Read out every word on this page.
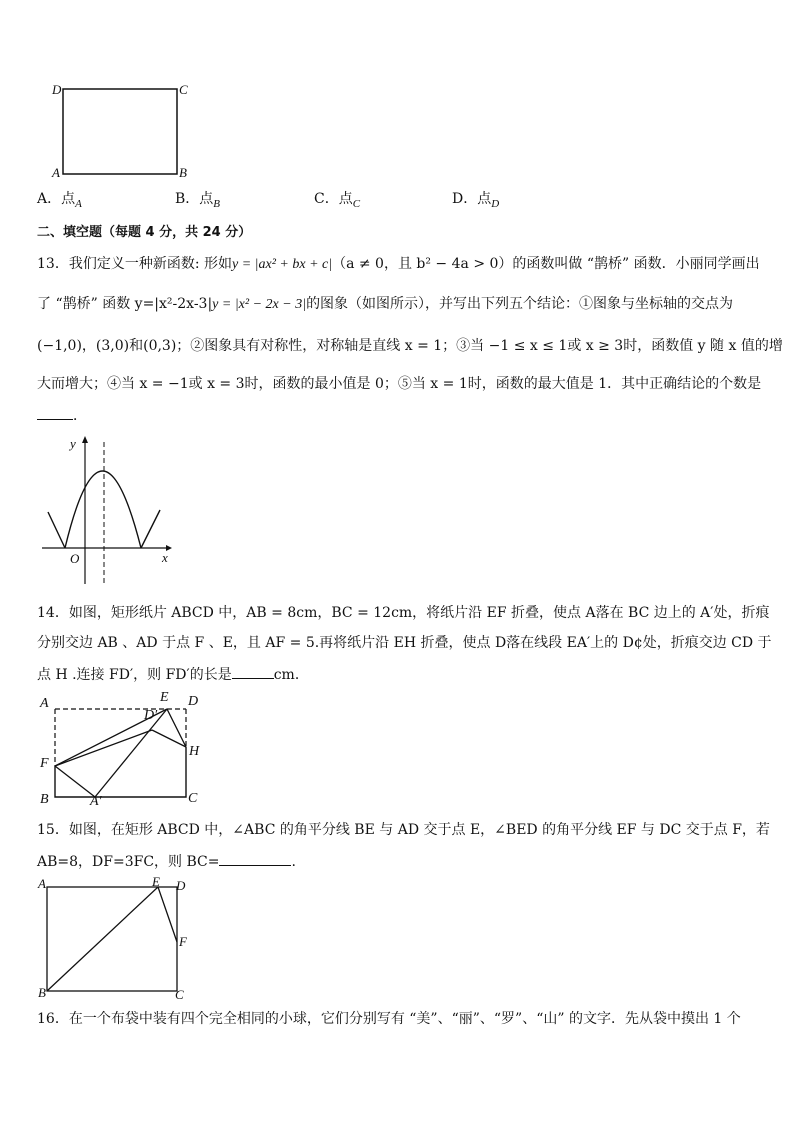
D	C
A	B
A．点$_A$	B．点$_B$	C．点$_C$	D．点$_D$
二、填空题（每题 4 分，共 24 分）
13．我们定义一种新函数: 形如y = |ax² + bx + c|（a ≠ 0，且 b² − 4a > 0）的函数叫做 “鹊桥” 函数．小丽同学画出
了 “鹊桥” 函数 y=|x²-2x-3|y = |x² − 2x − 3|的图象（如图所示），并写出下列五个结论：①图象与坐标轴的交点为
(−1,0)，(3,0)和(0,3)；②图象具有对称性，对称轴是直线 x = 1；③当 −1 ≤ x ≤ 1或 x ≥ 3时，函数值 y 随 x 值的增
大而增大；④当 x = −1或 x = 3时，函数的最小值是 0；⑤当 x = 1时，函数的最大值是 1．其中正确结论的个数是
．
y
O	x
14．如图，矩形纸片 ABCD 中，AB = 8cm，BC = 12cm，将纸片沿 EF 折叠，使点 A落在 BC 边上的 A′处，折痕
分别交边 AB 、AD 于点 F 、E，且 AF = 5.再将纸片沿 EH 折叠，使点 D落在线段 EA′上的 D¢处，折痕交边 CD 于
点 H .连接 FD′，则 FD′的长是	cm．
A	E D
D′
H
F
B	A′	C
15．如图，在矩形 ABCD 中，∠ABC 的角平分线 BE 与 AD 交于点 E，∠BED 的角平分线 EF 与 DC 交于点 F，若
AB=8，DF=3FC，则 BC=	.
A	E D
F
B	C
16．在一个布袋中装有四个完全相同的小球，它们分别写有 “美”、“丽”、“罗”、“山” 的文字．先从袋中摸出 1 个
